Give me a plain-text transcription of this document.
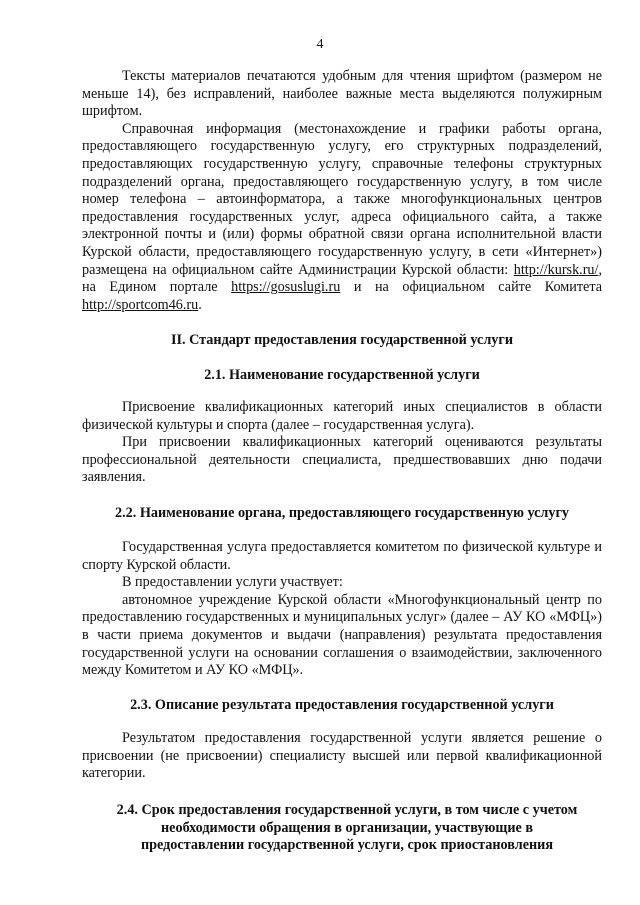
4

Тексты материалов печатаются удобным для чтения шрифтом (размером не меньше 14), без исправлений, наиболее важные места выделяются полужирным шрифтом.

Справочная информация (местонахождение и графики работы органа, предоставляющего государственную услугу, его структурных подразделений, предоставляющих государственную услугу, справочные телефоны структурных подразделений органа, предоставляющего государственную услугу, в том числе номер телефона – автоинформатора, а также многофункциональных центров предоставления государственных услуг, адреса официального сайта, а также электронной почты и (или) формы обратной связи органа исполнительной власти Курской области, предоставляющего государственную услугу, в сети «Интернет») размещена на официальном сайте Администрации Курской области: http://kursk.ru/, на Едином портале https://gosuslugi.ru и на официальном сайте Комитета http://sportcom46.ru.

II. Стандарт предоставления государственной услуги
2.1. Наименование государственной услуги

Присвоение квалификационных категорий иных специалистов в области физической культуры и спорта (далее – государственная услуга).

При присвоении квалификационных категорий оцениваются результаты профессиональной деятельности специалиста, предшествовавших дню подачи заявления.

2.2. Наименование органа, предоставляющего государственную услугу

Государственная услуга предоставляется комитетом по физической культуре и спорту Курской области.

В предоставлении услуги участвует:

автономное учреждение Курской области «Многофункциональный центр по предоставлению государственных и муниципальных услуг» (далее – АУ КО «МФЦ») в части приема документов и выдачи (направления) результата предоставления государственной услуги на основании соглашения о взаимодействии, заключенного между Комитетом и АУ КО «МФЦ».

2.3. Описание результата предоставления государственной услуги

Результатом предоставления государственной услуги является решение о присвоении (не присвоении) специалисту высшей или первой квалификационной категории.

2.4. Срок предоставления государственной услуги, в том числе с учетом необходимости обращения в организации, участвующие в предоставлении государственной услуги, срок приостановления
